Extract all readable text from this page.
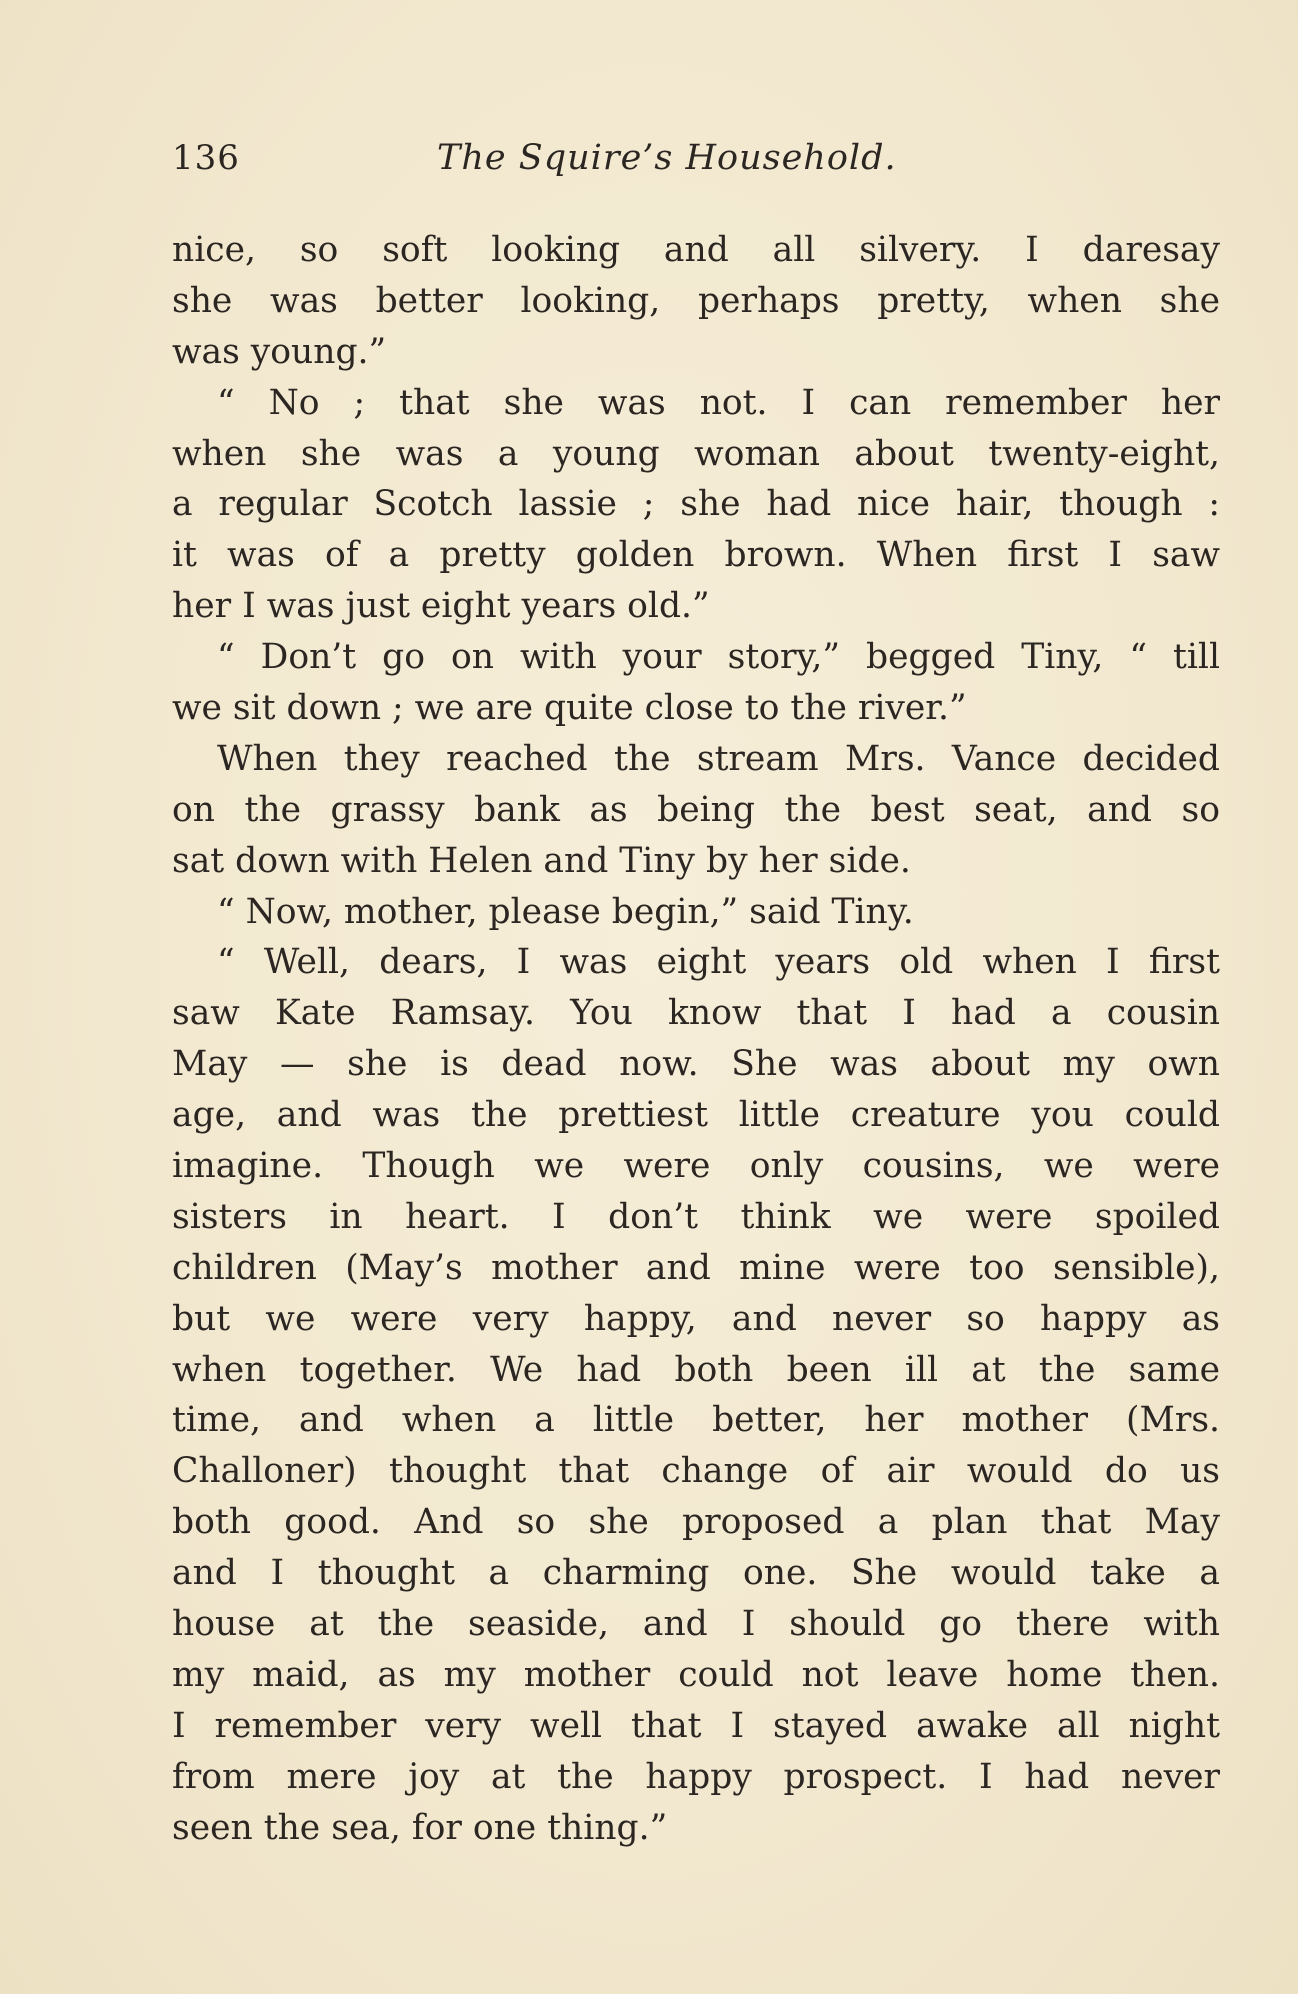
136	The Squire’s Household.
nice, so soft looking and all silvery. I daresay
she was better looking, perhaps pretty, when she
was young.”
“ No ; that she was not. I can remember her
when she was a young woman about twenty-eight,
a regular Scotch lassie ; she had nice hair, though :
it was of a pretty golden brown. When first I saw
her I was just eight years old.”
“ Don’t go on with your story,” begged Tiny, “ till
we sit down ; we are quite close to the river.”
When they reached the stream Mrs. Vance decided
on the grassy bank as being the best seat, and so
sat down with Helen and Tiny by her side.
“ Now, mother, please begin,” said Tiny.
“ Well, dears, I was eight years old when I first
saw Kate Ramsay. You know that I had a cousin
May — she is dead now. She was about my own
age, and was the prettiest little creature you could
imagine. Though we were only cousins, we were
sisters in heart. I don’t think we were spoiled
children (May’s mother and mine were too sensible),
but we were very happy, and never so happy as
when together. We had both been ill at the same
time, and when a little better, her mother (Mrs.
Challoner) thought that change of air would do us
both good. And so she proposed a plan that May
and I thought a charming one. She would take a
house at the seaside, and I should go there with
my maid, as my mother could not leave home then.
I remember very well that I stayed awake all night
from mere joy at the happy prospect. I had never
seen the sea, for one thing.”
